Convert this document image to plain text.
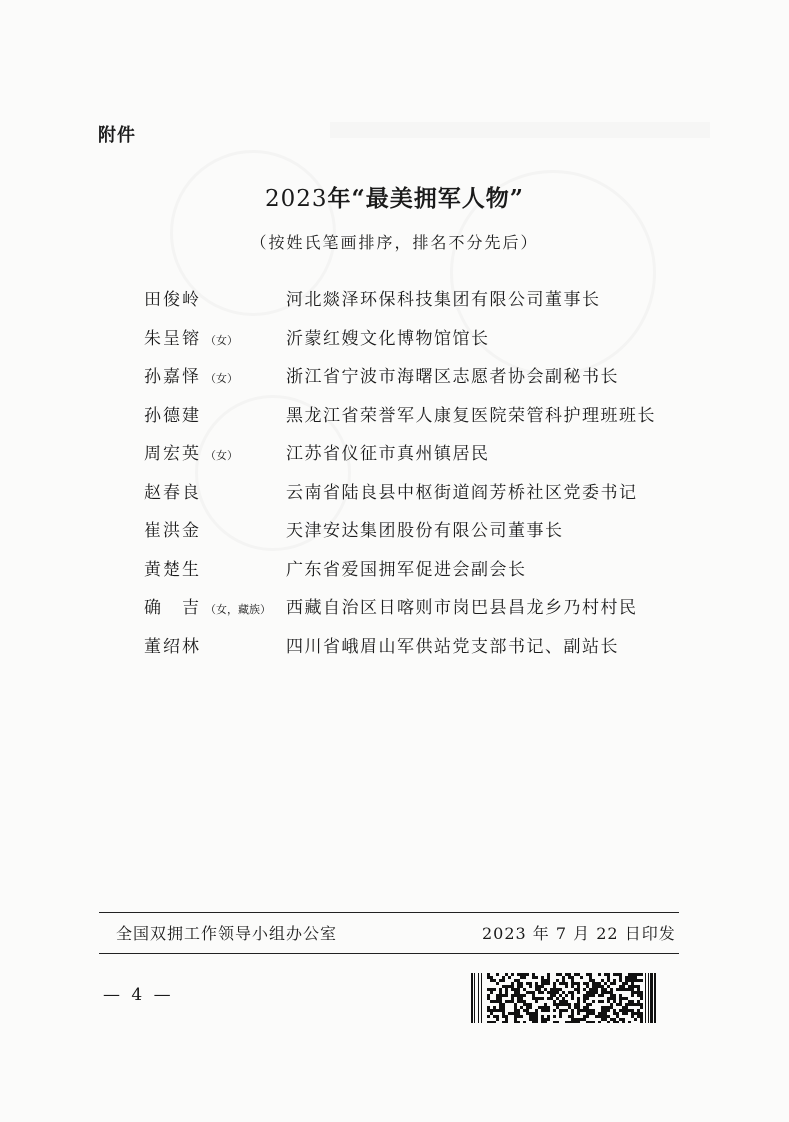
附件
2023年“最美拥军人物”
（按姓氏笔画排序，排名不分先后）
田俊岭	河北燚泽环保科技集团有限公司董事长
朱呈镕 （女）	沂蒙红嫂文化博物馆馆长
孙嘉怿 （女）	浙江省宁波市海曙区志愿者协会副秘书长
孙德建	黑龙江省荣誉军人康复医院荣管科护理班班长
周宏英 （女）	江苏省仪征市真州镇居民
赵春良	云南省陆良县中枢街道阎芳桥社区党委书记
崔洪金	天津安达集团股份有限公司董事长
黄楚生	广东省爱国拥军促进会副会长
确　吉 （女，藏族） 西藏自治区日喀则市岗巴县昌龙乡乃村村民
董绍林	四川省峨眉山军供站党支部书记、副站长
全国双拥工作领导小组办公室	2023 年 7 月 22 日印发
— 4 —
